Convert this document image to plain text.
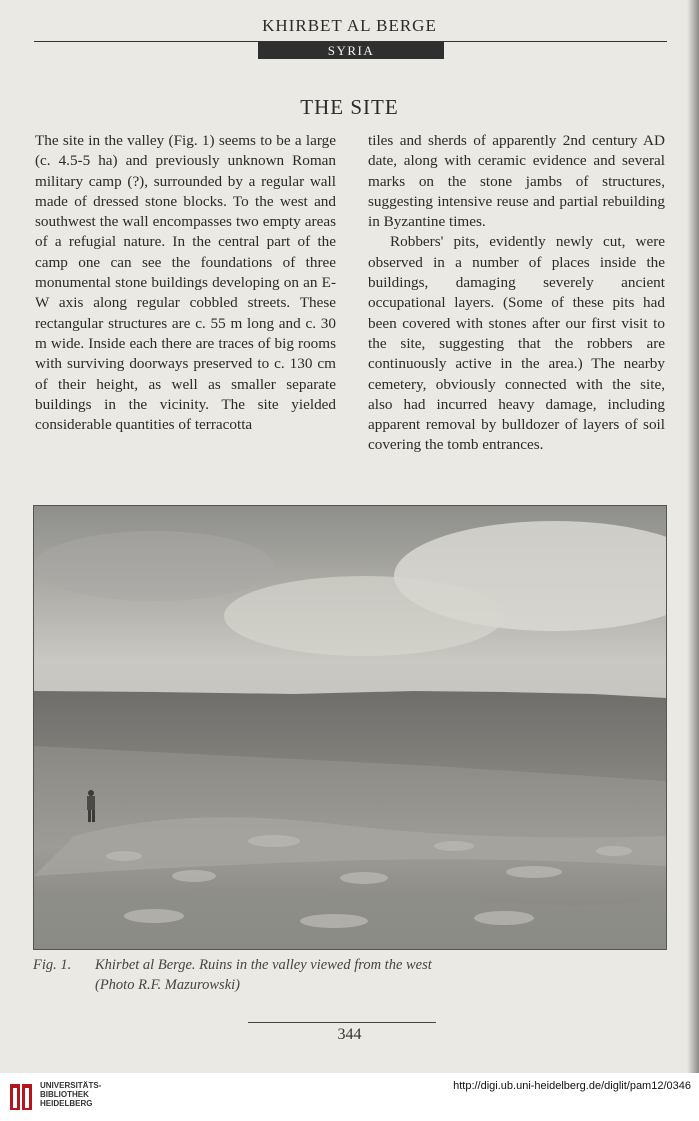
KHIRBET AL BERGE
SYRIA
THE SITE

The site in the valley (Fig. 1) seems to be a large (c. 4.5-5 ha) and previously unknown Roman military camp (?), surrounded by a regular wall made of dressed stone blocks. To the west and southwest the wall encompasses two empty areas of a refugial nature. In the central part of the camp one can see the foundations of three monumental stone buildings developing on an E-W axis along regular cobbled streets. These rectangular structures are c. 55 m long and c. 30 m wide. Inside each there are traces of big rooms with surviving doorways preserved to c. 130 cm of their height, as well as smaller separate buildings in the vicinity. The site yielded considerable quantities of terracotta

tiles and sherds of apparently 2nd century AD date, along with ceramic evidence and several marks on the stone jambs of structures, suggesting intensive reuse and partial rebuilding in Byzantine times.

Robbers' pits, evidently newly cut, were observed in a number of places inside the buildings, damaging severely ancient occupational layers. (Some of these pits had been covered with stones after our first visit to the site, suggesting that the robbers are continuously active in the area.) The nearby cemetery, obviously connected with the site, also had incurred heavy damage, including apparent removal by bulldozer of layers of soil covering the tomb entrances.

Fig. 1. Khirbet al Berge. Ruins in the valley viewed from the west
(Photo R.F. Mazurowski)
344
UNIVERSITÄTS-
BIBLIOTHEK
HEIDELBERG
http://digi.ub.uni-heidelberg.de/diglit/pam12/0346
